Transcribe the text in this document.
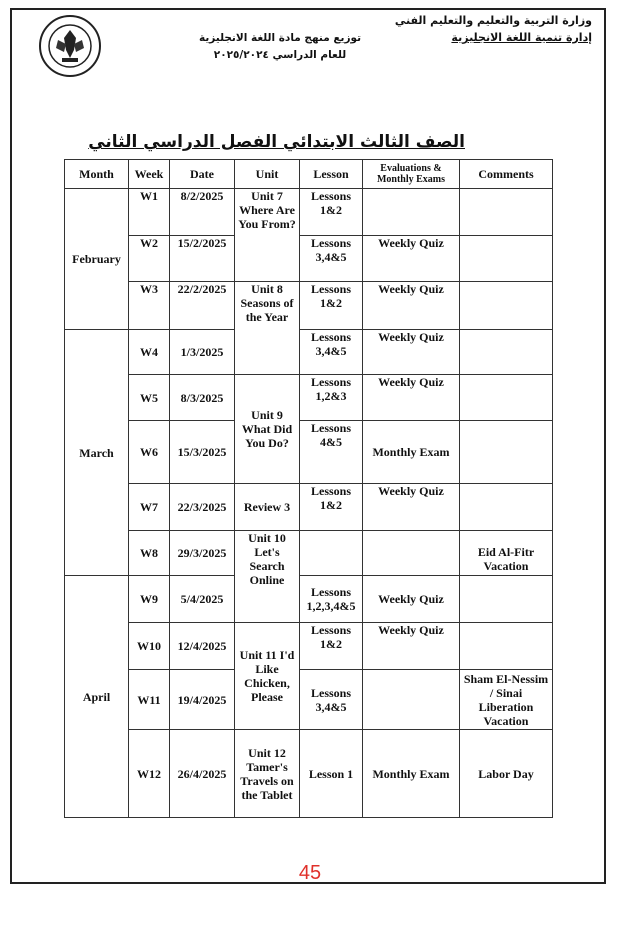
وزارة التربية والتعليم والتعليم الفني
إدارة تنمية اللغة الانجليزية
توزيع منهج مادة اللغة الانجليزية
للعام الدراسي ٢٠٢٥/٢٠٢٤
الصف الثالث الابتدائي الفصل الدراسي الثاني
Month	Week	Date	Unit	Lesson	Evaluations & Monthly Exams	Comments
February	W1	8/2/2025	Unit 7 Where Are You From?	Lessons 1&2		
	W2	15/2/2025		Lessons 3,4&5	Weekly Quiz	
	W3	22/2/2025	Unit 8 Seasons of the Year	Lessons 1&2	Weekly Quiz	
March	W4	1/3/2025		Lessons 3,4&5	Weekly Quiz	
	W5	8/3/2025	Unit 9 What Did You Do?	Lessons 1,2&3	Weekly Quiz	
	W6	15/3/2025		Lessons 4&5	Monthly Exam	
	W7	22/3/2025	Review 3	Lessons 1&2	Weekly Quiz	
	W8	29/3/2025	Unit 10 Let's Search Online			Eid Al-Fitr Vacation
April	W9	5/4/2025		Lessons 1,2,3,4&5	Weekly Quiz	
	W10	12/4/2025	Unit 11 I'd Like Chicken, Please	Lessons 1&2	Weekly Quiz	
	W11	19/4/2025		Lessons 3,4&5		Sham El-Nessim / Sinai Liberation Vacation
	W12	26/4/2025	Unit 12 Tamer's Travels on the Tablet	Lesson 1	Monthly Exam	Labor Day
45
